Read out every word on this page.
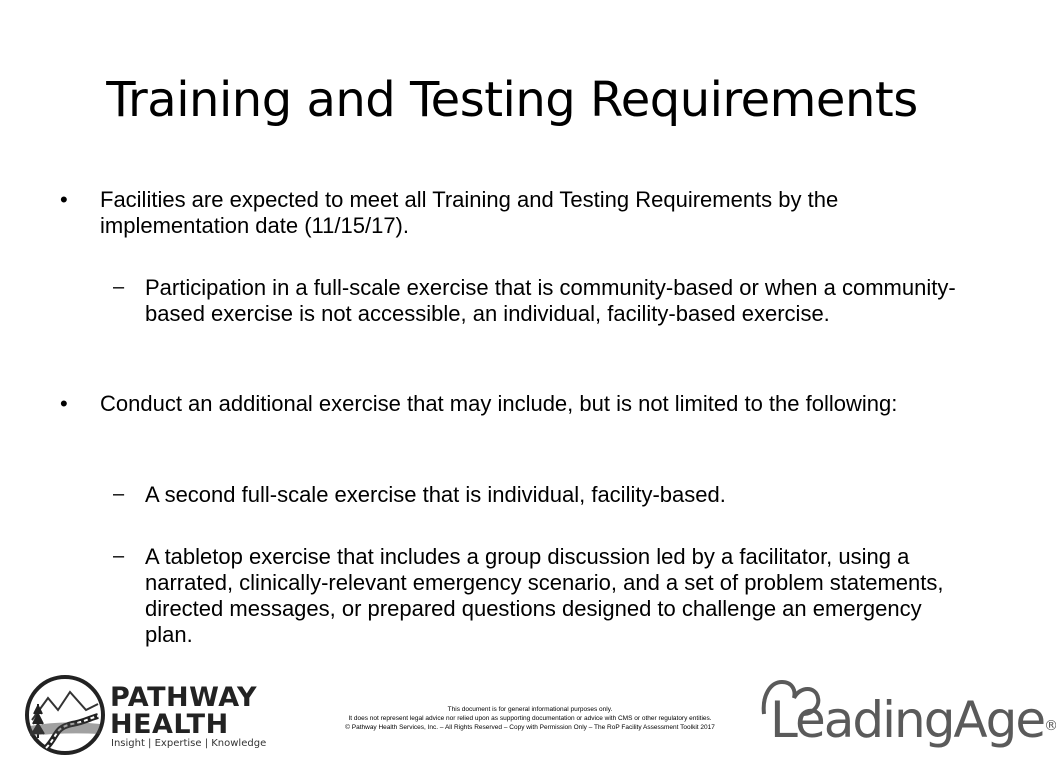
Training and Testing Requirements
• Facilities are expected to meet all Training and Testing Requirements by the implementation date (11/15/17).
– Participation in a full-scale exercise that is community-based or when a community-based exercise is not accessible, an individual, facility-based exercise.
• Conduct an additional exercise that may include, but is not limited to the following:
– A second full-scale exercise that is individual, facility-based.
– A tabletop exercise that includes a group discussion led by a facilitator, using a narrated, clinically-relevant emergency scenario, and a set of problem statements, directed messages, or prepared questions designed to challenge an emergency plan.
PATHWAY
HEALTH
Insight | Expertise | Knowledge
This document is for general informational purposes only.
It does not represent legal advice nor relied upon as supporting documentation or advice with CMS or other regulatory entities.
© Pathway Health Services, Inc. – All Rights Reserved – Copy with Permission Only – The RoP Facility Assessment Toolkit 2017	LeadingAge®
